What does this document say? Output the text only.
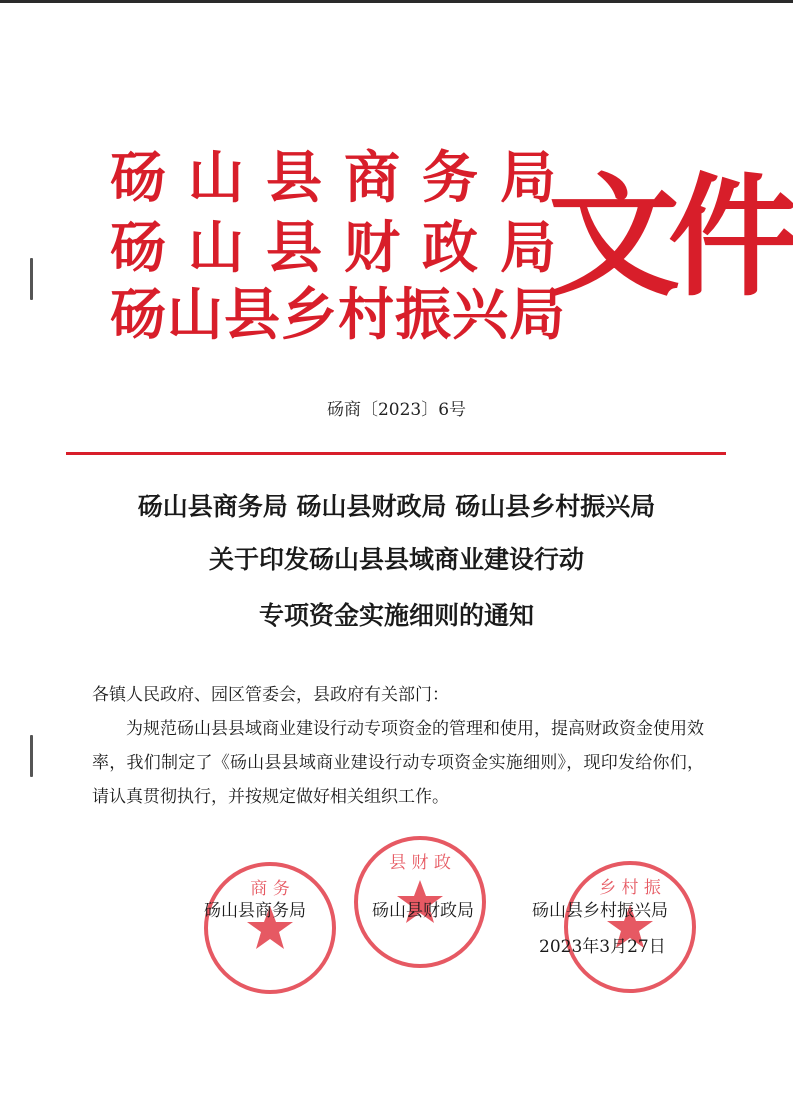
砀山县商务局
砀山县财政局
砀山县乡村振兴局
文件
砀商〔2023〕6号
砀山县商务局 砀山县财政局 砀山县乡村振兴局
关于印发砀山县县域商业建设行动
专项资金实施细则的通知
各镇人民政府、园区管委会，县政府有关部门：
为规范砀山县县域商业建设行动专项资金的管理和使用，提高财政资金使用效率，我们制定了《砀山县县域商业建设行动专项资金实施细则》，现印发给你们，请认真贯彻执行，并按规定做好相关组织工作。
商 务
县 财 政
乡 村 振
砀山县商务局	砀山县财政局	砀山县乡村振兴局
2023年3月27日
